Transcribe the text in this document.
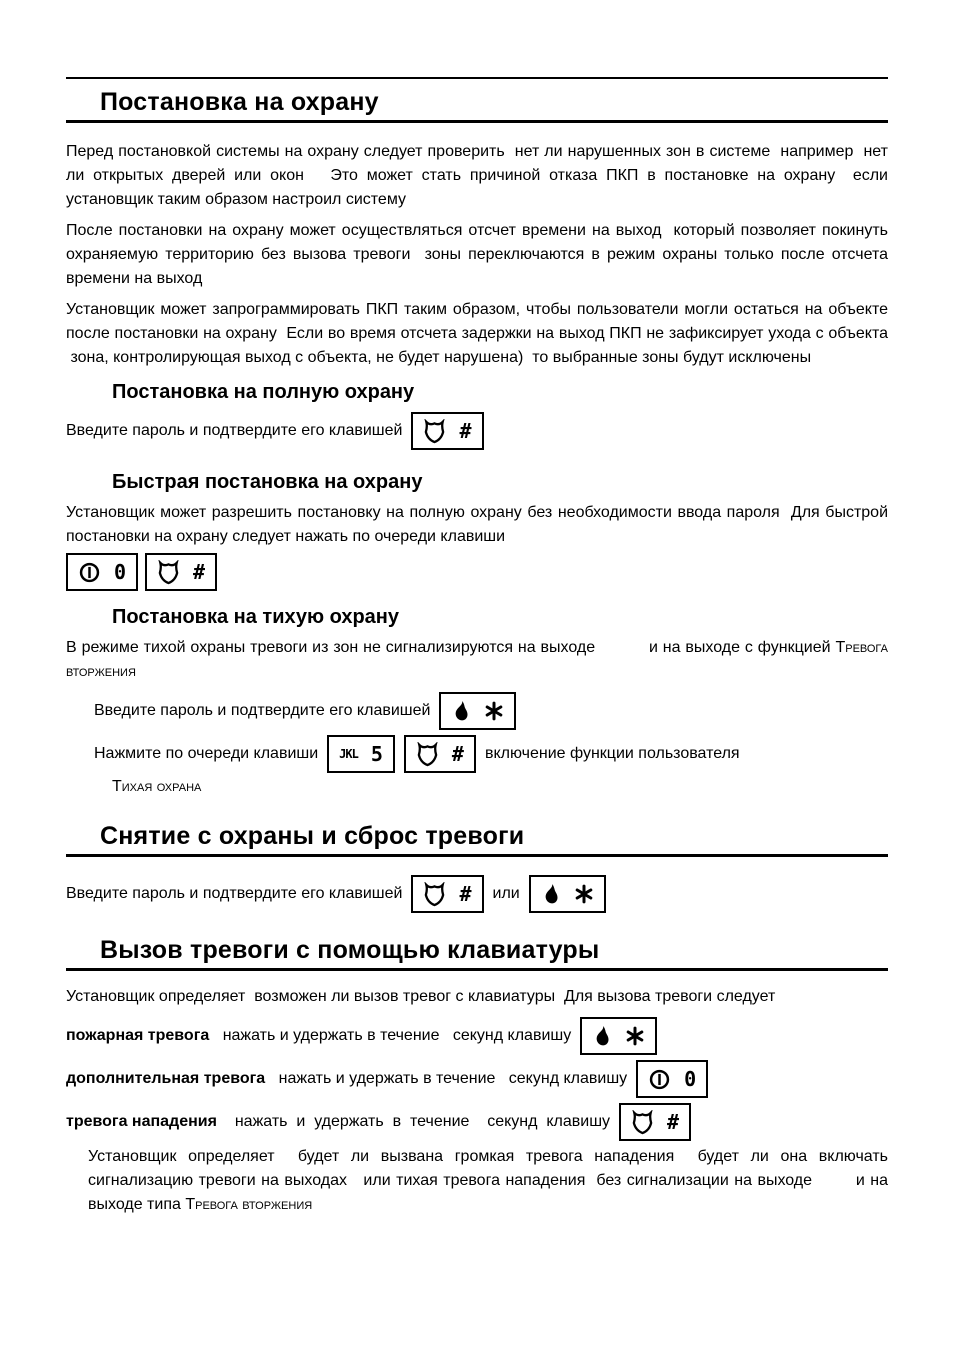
Постановка на охрану

Перед постановкой системы на охрану следует проверить  нет ли нарушенных зон в системе  например  нет ли открытых дверей или окон   Это может стать причиной отказа ПКП в постановке на охрану  если установщик таким образом настроил систему

После постановки на охрану может осуществляться отсчет времени на выход  который позволяет покинуть охраняемую территорию без вызова тревоги  зоны переключаются в режим охраны только после отсчета времени на выход

Установщик может запрограммировать ПКП таким образом, чтобы пользователи могли остаться на объекте после постановки на охрану  Если во время отсчета задержки на выход ПКП не зафиксирует ухода с объекта  зона, контролирующая выход с объекта, не будет нарушена)  то выбранные зоны будут исключены

Постановка на полную охрану
Введите пароль и подтвердите его клавишей	#
Быстрая постановка на охрану

Установщик может разрешить постановку на полную охрану без необходимости ввода пароля  Для быстрой постановки на охрану следует нажать по очереди клавиши

0	#
Постановка на тихую охрану

В режиме тихой охраны тревоги из зон не сигнализируются на выходе           и на выходе с функцией Тревога вторжения

Введите пароль и подтвердите его клавишей
Нажмите по очереди клавиши JKL 5	# включение функции пользователя
Тихая охрана
Снятие с охраны и сброс тревоги
Введите пароль и подтвердите его клавишей	# или
Вызов тревоги с помощью клавиатуры

Установщик определяет  возможен ли вызов тревог с клавиатуры  Для вызова тревоги следует

пожарная тревога нажать и удержать в течение   секунд клавишу
дополнительная тревога нажать и удержать в течение   секунд клавишу	0
тревога нападения нажать  и  удержать  в  течение    секунд  клавишу	#

Установщик определяет  будет ли вызвана громкая тревога нападения  будет ли она включать сигнализацию тревоги на выходах   или тихая тревога нападения  без сигнализации на выходе        и на выходе типа Тревога вторжения
